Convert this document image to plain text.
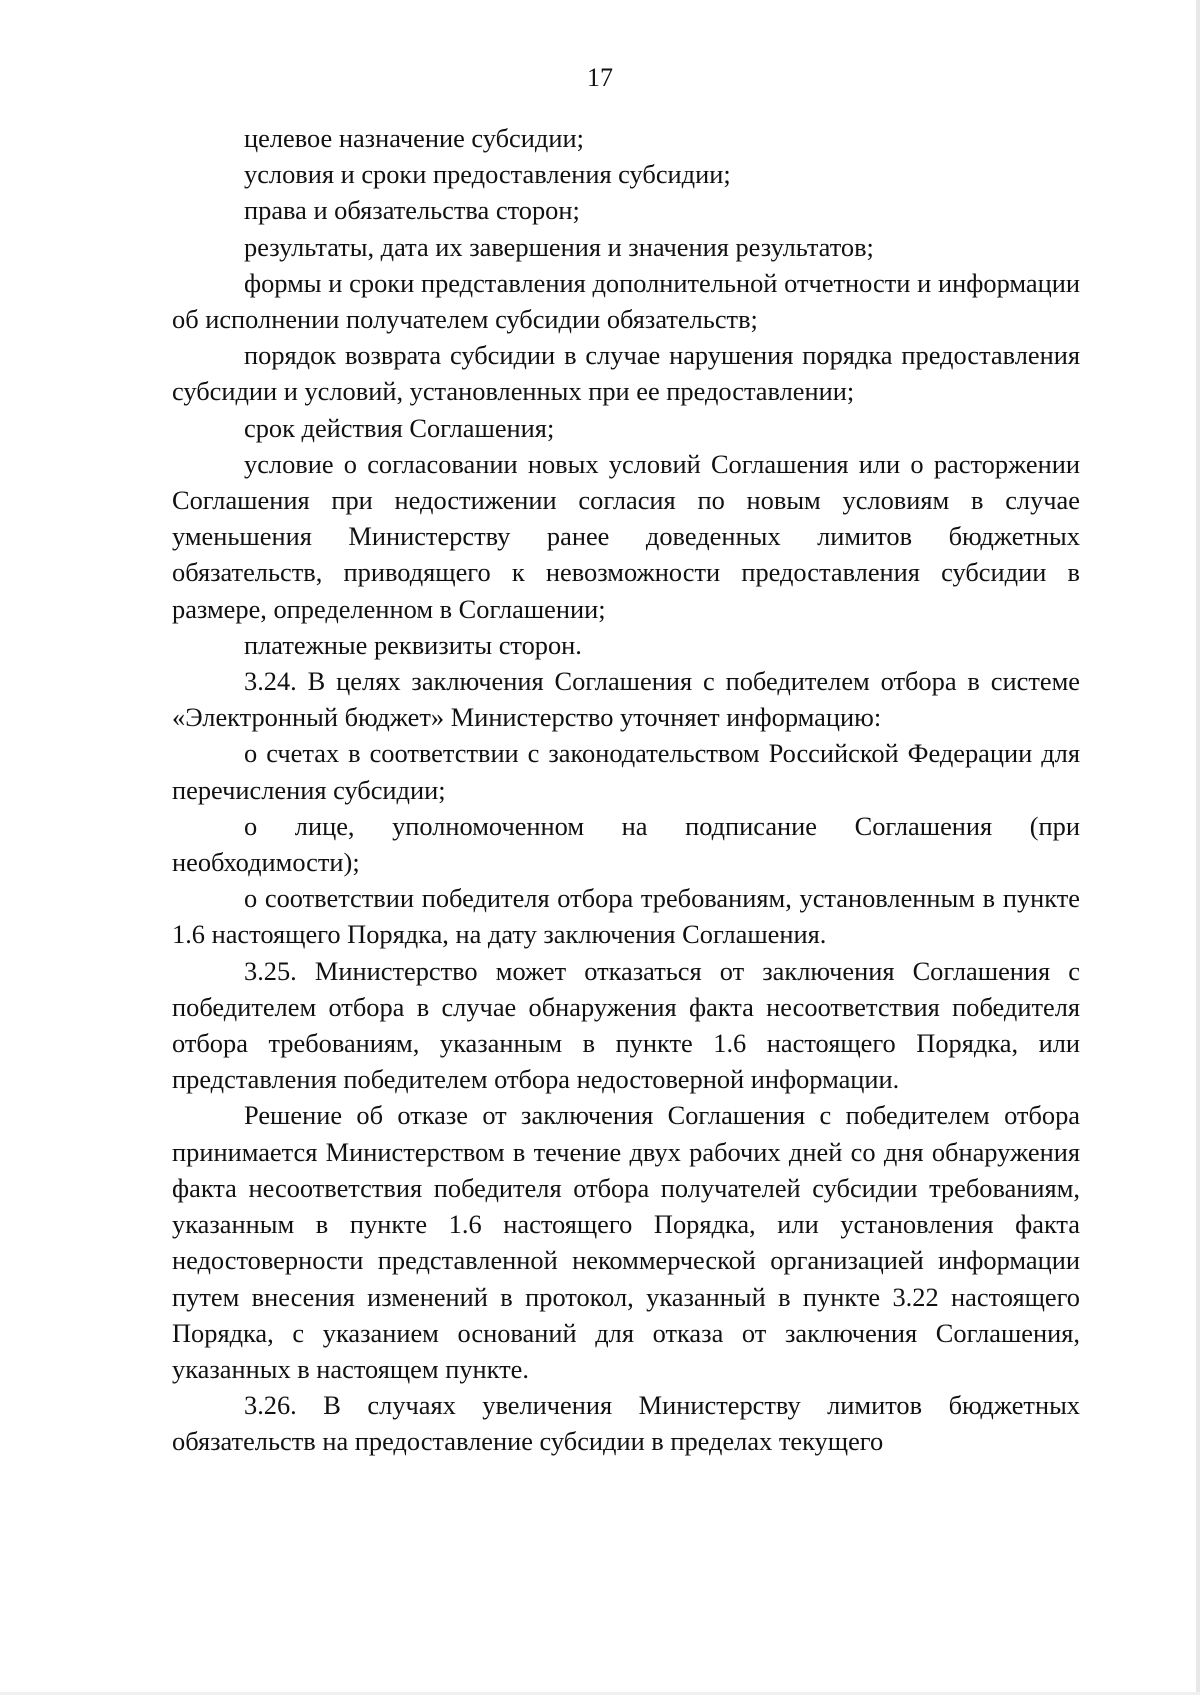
17

целевое назначение субсидии;

условия и сроки предоставления субсидии;

права и обязательства сторон;

результаты, дата их завершения и значения результатов;

формы и сроки представления дополнительной отчетности и информации об исполнении получателем субсидии обязательств;

порядок возврата субсидии в случае нарушения порядка предоставления субсидии и условий, установленных при ее предоставлении;

срок действия Соглашения;

условие о согласовании новых условий Соглашения или о расторжении Соглашения при недостижении согласия по новым условиям в случае уменьшения Министерству ранее доведенных лимитов бюджетных обязательств, приводящего к невозможности предоставления субсидии в размере, определенном в Соглашении;

платежные реквизиты сторон.

3.24. В целях заключения Соглашения с победителем отбора в системе «Электронный бюджет» Министерство уточняет информацию:

о счетах в соответствии с законодательством Российской Федерации для перечисления субсидии;

о лице, уполномоченном на подписание Соглашения (при необходимости);

о соответствии победителя отбора требованиям, установленным в пункте 1.6 настоящего Порядка, на дату заключения Соглашения.

3.25. Министерство может отказаться от заключения Соглашения с победителем отбора в случае обнаружения факта несоответствия победителя отбора требованиям, указанным в пункте 1.6 настоящего Порядка, или представления победителем отбора недостоверной информации.

Решение об отказе от заключения Соглашения с победителем отбора принимается Министерством в течение двух рабочих дней со дня обнаружения факта несоответствия победителя отбора получателей субсидии требованиям, указанным в пункте 1.6 настоящего Порядка, или установления факта недостоверности представленной некоммерческой организацией информации путем внесения изменений в протокол, указанный в пункте 3.22 настоящего Порядка, с указанием оснований для отказа от заключения Соглашения, указанных в настоящем пункте.

3.26. В случаях увеличения Министерству лимитов бюджетных обязательств на предоставление субсидии в пределах текущего
